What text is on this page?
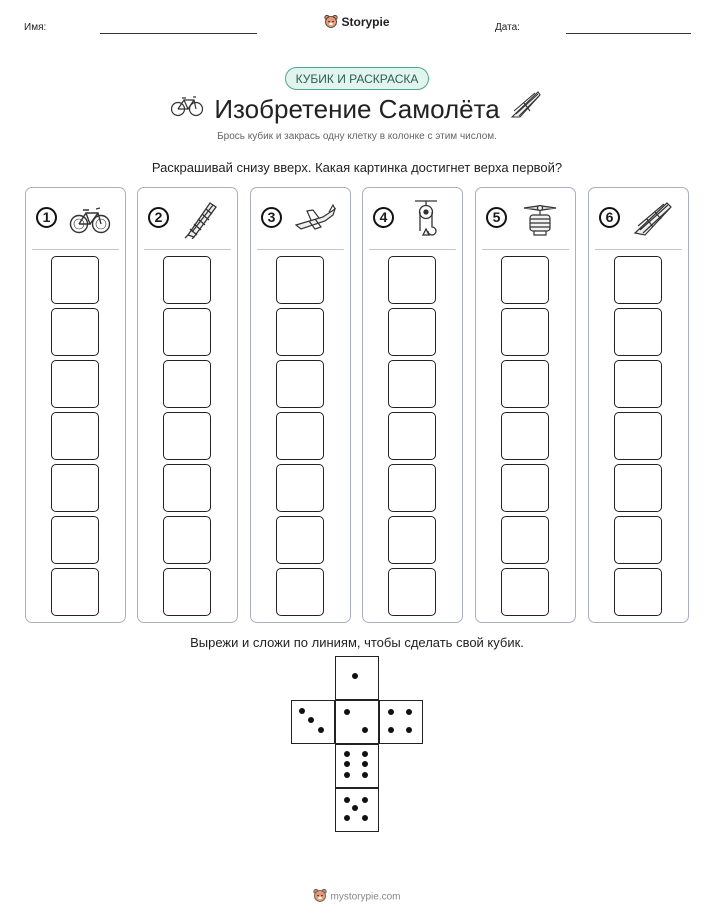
Имя:	Storypie	Дата:
КУБИК И РАСКРАСКА
Изобретение Самолёта
Брось кубик и закрась одну клетку в колонке с этим числом.
Раскрашивай снизу вверх. Какая картинка достигнет верха первой?
1	2	3	4	5	6
Вырежи и сложи по линиям, чтобы сделать свой кубик.
mystorypie.com
